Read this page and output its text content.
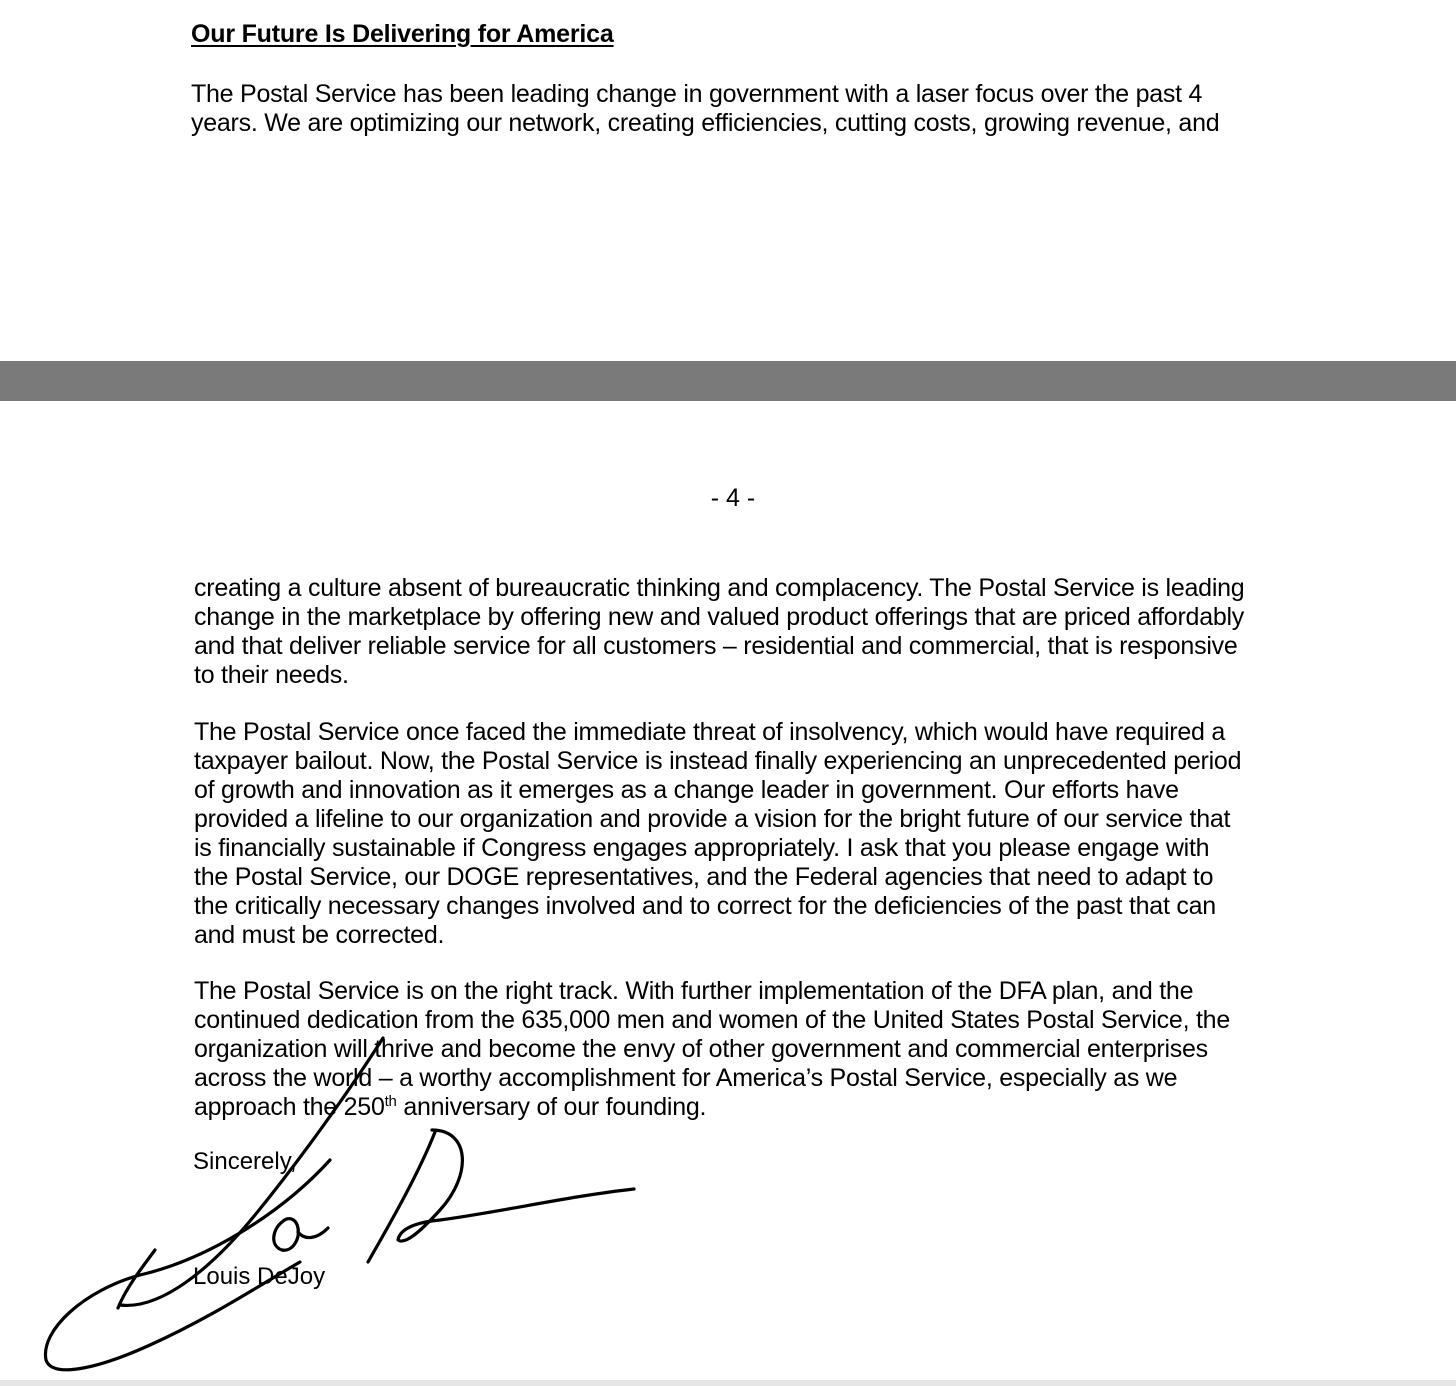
Our Future Is Delivering for America
The Postal Service has been leading change in government with a laser focus over the past 4
years. We are optimizing our network, creating efficiencies, cutting costs, growing revenue, and
- 4 -
creating a culture absent of bureaucratic thinking and complacency. The Postal Service is leading
change in the marketplace by offering new and valued product offerings that are priced affordably
and that deliver reliable service for all customers – residential and commercial, that is responsive
to their needs.
The Postal Service once faced the immediate threat of insolvency, which would have required a
taxpayer bailout. Now, the Postal Service is instead finally experiencing an unprecedented period
of growth and innovation as it emerges as a change leader in government. Our efforts have
provided a lifeline to our organization and provide a vision for the bright future of our service that
is financially sustainable if Congress engages appropriately. I ask that you please engage with
the Postal Service, our DOGE representatives, and the Federal agencies that need to adapt to
the critically necessary changes involved and to correct for the deficiencies of the past that can
and must be corrected.
The Postal Service is on the right track. With further implementation of the DFA plan, and the
continued dedication from the 635,000 men and women of the United States Postal Service, the
organization will thrive and become the envy of other government and commercial enterprises
across the world – a worthy accomplishment for America’s Postal Service, especially as we
approach the 250th anniversary of our founding.
Sincerely,
Louis DeJoy
